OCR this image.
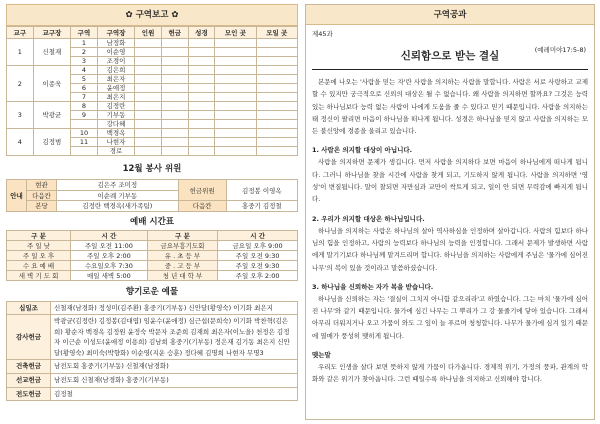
✿ 구역보고 ✿
교구	교구장	구역	구역장	인원	헌금	성경	모인 곳	모일 곳
1	신철재	1	남정화					
		2	이순영					
		3	조경이					
2	이종욱	4	김은희					
		5	최은자					
		6	윤애정					
		7	최은지					
3	박광균	8	김정란					
		9	기부동					
			강다혜					
4	김정범	10	백경옥					
		11	나현자					
			경로					
12월 봉사 위원
안내	현관	김은주 조미정	헌금위원	김정봉 이영옥
	다음칸	이순례 기부동		
	본당	김정란 백경옥(새가족팀)	다음칸	홍중기 김정철
예배 시간표
구 분	시 간	구 분	시 간
주 일 낮	주일 오전 11:00	금요부흥기도회	금요일 오후 9:00
주 일 오 후	주일 오후 2:00	유 . 초 등 부	주일 오전 9:30
수 요 예 배	수요일오후 7:30	중 . 고 등 부	주일 오전 9:30
새 벽 기 도 회	매일 새벽 5:00	청 년 대 학 부	주일 오후 2:00
향기로운 예물
십일조	신철재(남경화) 정성미(김주환) 홍중기(기부동) 신안달(황영숙) 이기화 최은지
감사헌금	박광균(김정란) 김정봉(김대엽) 임윤수(윤애정) 심근섭(문희숙) 이기화 박찬혁(김은희) 황순자 백경옥 김정원 윤정숙 박문자 조준희 김재희 최은자(이노을) 천정은 김정자 이근순 이성도(윤애정 이용희) 김남희 홍중기(기부동) 정은재 김기동 최은지 신안달(황영숙) 최미숙(박향화) 이순영(지운 승훈) 정다혜 김명희 나현자 무명3
건축헌금	남전도회 홍중기(기부동) 신철재(남경화)
선교헌금	남전도회 신철재(남경화) 홍중기(기부동)
전도헌금	김정철
구역공과
제45과
신뢰함으로 받는 결실	(예레미야17:5-8)

본문에 나오는 '사람을 믿는 자'란 사람을 의지하는 사람을 말합니다. 사람은 서로 사랑하고 교제할 수 있지만 궁극적으로 신뢰의 대상은 될 수 없습니다. 왜 사람을 의지하면 할까요? 그것은 능력 있는 하나님보다 능력 없는 사람이 나에게 도움을 줄 수 있다고 믿기 때문입니다. 사람을 의지하는 태 정신이 팔리면 마음이 하나님을 떠나게 됩니다. 성경은 하나님을 믿지 않고 사람을 의지하는 모든 불신앙에 경종을 울리고 있습니다.

1. 사람은 의지할 대상이 아닙니다.

사람을 의지하면 문제가 생깁니다. 먼저 사람을 의지하다 보면 마음이 하나님에게 떠나게 됩니다. 그러니 하나님을 찾을 시간에 사람을 찾게 되고, 기도하지 않게 됩니다. 사람을 의지하면 '영성'이 변질됩니다. 말이 찰되면 자만심과 교만이 싹트게 되고, 일이 안 되면 무력감에 빠지게 됩니다.

2. 우리가 의지할 대상은 하나님입니다.

하나님을 의지하는 사람은 하나님의 살아 역사하심을 인정하며 살아갑니다. 사람의 힘보다 하나님의 힘을 인정하고, 사람의 능력보다 하나님의 능력을 인정합니다. 그래서 문제가 발생하면 사람에게 말기기보다 하나님께 맡겨드리며 합니다. 하나님을 의지하는 사람에게 주님은 '물가에 심어진 나무'의 복이 있을 것이라고 말씀하셨습니다.

3. 하나님을 신뢰하는 자가 복을 받습니다.

하나님을 신뢰하는 자는 '결실이 그치지 아니함 같으리라'고 하였습니다. 그는 마치 '물가에 심어진 나무'와 같기 때문입니다. 물가에 심긴 나무는 그 뿌리가 그 강 물줄기에 닿아 있습니다. 그래서 아무리 더워지거나 오고 가뭄이 와도 그 잎이 늘 푸르며 청청합니다. 나무가 물가에 심겨 있기 때문에 열매가 풍성히 맺히게 됩니다.

맺는말

우리도 인생을 살다 보면 뜻하지 않게 가뭄이 다가옵니다. 경제적 위기, 가정의 풍파, 관계의 악화와 같은 위기가 찾아옵니다. 그런 때일수록 하나님을 의지하고 신뢰해야 합니다.
